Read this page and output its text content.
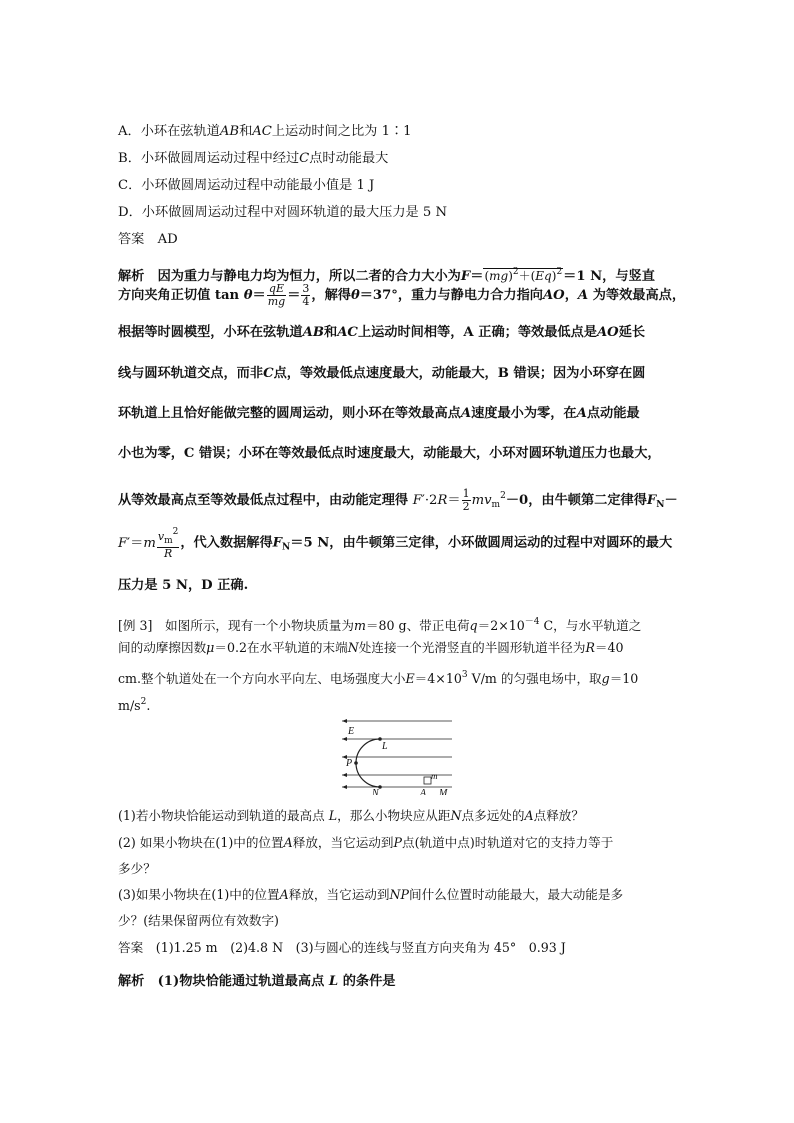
A．小环在弦轨道AB和AC上运动时间之比为 1∶1
B．小环做圆周运动过程中经过C点时动能最大
C．小环做圆周运动过程中动能最小值是 1 J
D．小环做圆周运动过程中对圆环轨道的最大压力是 5 N
答案　 AD
解析　 因为重力与静电力均为恒力，所以二者的合力大小为$F=(mg)^2+(Eq)^2=1$ N，与竖直
方向夹角正切值 $\tan \theta= \frac{qE}{mg} = \frac{3}{4}$ ，解得θ＝37°，重力与静电力合力指向AO，A 为等效最高点，
根据等时圆模型，小环在弦轨道AB和AC上运动时间相等，A 正确；等效最低点是AO延长
线与圆环轨道交点，而非C点，等效最低点速度最大，动能最大，B 错误；因为小环穿在圆
环轨道上且恰好能做完整的圆周运动，则小环在等效最高点A速度最小为零，在A点动能最
小也为零，C 错误；小环在等效最低点时速度最大，动能最大，小环对圆环轨道压力也最大，
从等效最高点至等效最低点过程中，由动能定理得 $F'\cdot 2R= \frac{1}{2} mv_m^2-0$，由牛顿第二定律得$F_N-$
$F'=m \frac{v_m^2}{R}$ ，代入数据解得$F_N=5$ N，由牛顿第三定律，小环做圆周运动的过程中对圆环的最大
压力是 5 N，D 正确.
[例 3]　 如图所示，现有一个小物块质量为m＝80 g、带正电荷$q=2\times 10^{-4}$ C，与水平轨道之
间的动摩擦因数μ＝0.2在水平轨道的末端N处连接一个光滑竖直的半圆形轨道半径为R＝40
cm.整个轨道处在一个方向水平向左、电场强度大小$E=4\times 10^3$ V/m 的匀强电场中，取g＝10
$m/s^2$.
E
L
P
N	A M
m
(1)若小物块恰能运动到轨道的最高点 L，那么小物块应从距N点多远处的A点释放？
(2) 如果小物块在(1)中的位置A释放，当它运动到P点(轨道中点)时轨道对它的支持力等于
多少？
(3)如果小物块在(1)中的位置A释放，当它运动到NP间什么位置时动能最大，最大动能是多
少？(结果保留两位有效数字)
答案　 (1)1.25 m　(2)4.8 N　(3)与圆心的连线与竖直方向夹角为 45°　0.93 J
解析　 (1)物块恰能通过轨道最高点 L 的条件是
